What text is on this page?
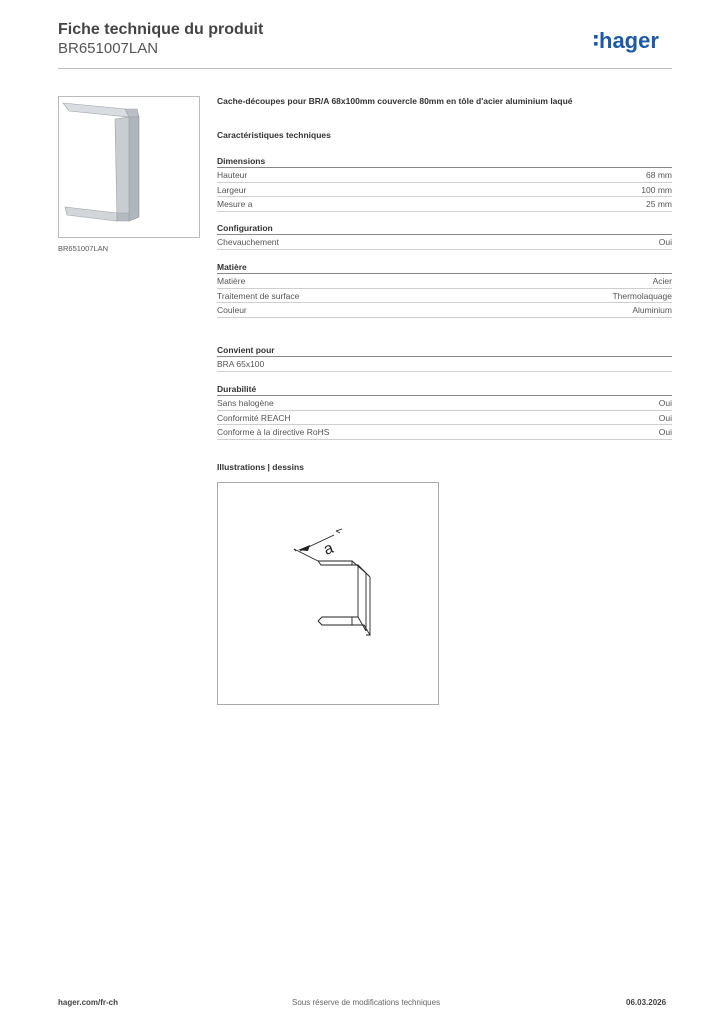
Fiche technique du produit
BR651007LAN	hager
BR651007LAN
Cache-découpes pour BR/A 68x100mm couvercle 80mm en tôle d'acier aluminium laqué
Caractéristiques techniques
Dimensions
Hauteur	68 mm
Largeur	100 mm
Mesure a	25 mm
Configuration
Chevauchement	Oui
Matière
Matière	Acier
Traitement de surface	Thermolaquage
Couleur	Aluminium
Convient pour
BRA 65x100
Durabilité
Sans halogène	Oui
Conformité REACH	Oui
Conforme à la directive RoHS	Oui
Illustrations | dessins
a
hager.com/fr-ch	Sous réserve de modifications techniques	06.03.2026
